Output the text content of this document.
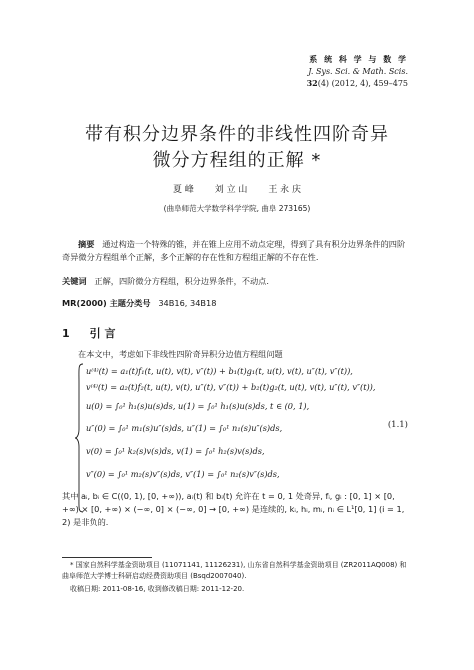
系 统 科 学 与 数 学
J. Sys. Sci. & Math. Scis.
32(4) (2012, 4), 459–475
带有积分边界条件的非线性四阶奇异
微分方程组的正解 *
夏 峰 刘 立 山 王 永 庆
(曲阜师范大学数学科学学院, 曲阜 273165)
摘要 通过构造一个特殊的锥，并在锥上应用不动点定理，得到了具有积分边界条件的四阶奇异微分方程组单个正解，多个正解的存在性和方程组正解的不存在性.
关键词 正解，四阶微分方程组，积分边界条件，不动点.
MR(2000) 主题分类号 34B16, 34B18
1 引 言
在本文中，考虑如下非线性四阶奇异积分边值方程组问题
u⁽⁴⁾(t) = a₁(t)f₁(t, u(t), v(t), v″(t)) + b₁(t)g₁(t, u(t), v(t), u″(t), v″(t)),
v⁽⁴⁾(t) = a₂(t)f₂(t, u(t), v(t), u″(t), v″(t)) + b₂(t)g₂(t, u(t), v(t), u″(t), v″(t)),
u(0) = ∫₀¹ h₁(s)u(s)ds, u(1) = ∫₀¹ h₁(s)u(s)ds, t ∈ (0, 1),
u″(0) = ∫₀¹ m₁(s)u″(s)ds, u″(1) = ∫₀¹ n₁(s)u″(s)ds,
v(0) = ∫₀¹ k₂(s)v(s)ds, v(1) = ∫₀¹ h₂(s)v(s)ds,
v″(0) = ∫₀¹ m₂(s)v″(s)ds, v″(1) = ∫₀¹ n₂(s)v″(s)ds,
(1.1)
其中 aᵢ, bᵢ ∈ C((0, 1), [0, +∞)), aᵢ(t) 和 bᵢ(t) 允许在 t = 0, 1 处奇异, fᵢ, gᵢ : [0, 1] × [0, +∞) × [0, +∞) × (−∞, 0] × (−∞, 0] → [0, +∞) 是连续的, kᵢ, hᵢ, mᵢ, nᵢ ∈ L¹[0, 1] (i = 1, 2) 是非负的.
* 国家自然科学基金资助项目 (11071141, 11126231), 山东省自然科学基金资助项目 (ZR2011AQ008) 和曲阜师范大学博士科研启动经费资助项目 (Bsqd2007040).
收稿日期: 2011-08-16, 收到修改稿日期: 2011-12-20.
